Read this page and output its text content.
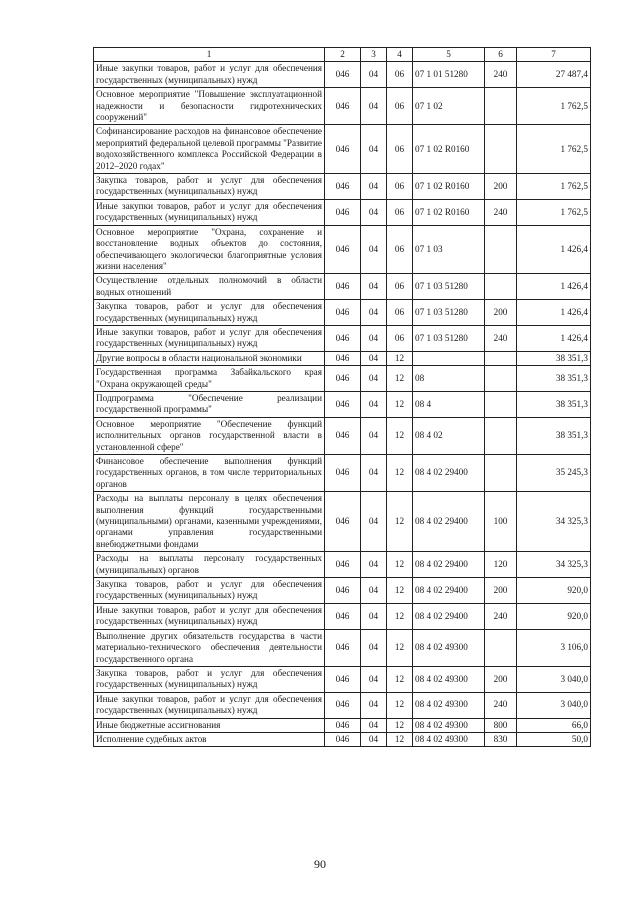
1	2	3	4	5	6	7
Иные закупки товаров, работ и услуг для обеспечения государственных (муниципальных) нужд	046	04	06	07 1 01 51280	240	27 487,4
Основное мероприятие "Повышение эксплуатационной надежности и безопасности гидротехнических сооружений"	046	04	06	07 1 02		1 762,5
Софинансирование расходов на финансовое обеспечение мероприятий федеральной целевой программы "Развитие водохозяйственного комплекса Российской Федерации в 2012–2020 годах"	046	04	06	07 1 02 R0160		1 762,5
Закупка товаров, работ и услуг для обеспечения государственных (муниципальных) нужд	046	04	06	07 1 02 R0160	200	1 762,5
Иные закупки товаров, работ и услуг для обеспечения государственных (муниципальных) нужд	046	04	06	07 1 02 R0160	240	1 762,5
Основное мероприятие "Охрана, сохранение и восстановление водных объектов до состояния, обеспечивающего экологически благоприятные условия жизни населения"	046	04	06	07 1 03		1 426,4
Осуществление отдельных полномочий в области водных отношений	046	04	06	07 1 03 51280		1 426,4
Закупка товаров, работ и услуг для обеспечения государственных (муниципальных) нужд	046	04	06	07 1 03 51280	200	1 426,4
Иные закупки товаров, работ и услуг для обеспечения государственных (муниципальных) нужд	046	04	06	07 1 03 51280	240	1 426,4
Другие вопросы в области национальной экономики	046	04	12			38 351,3
Государственная программа Забайкальского края "Охрана окружающей среды"	046	04	12	08		38 351,3
Подпрограмма "Обеспечение реализации государственной программы"	046	04	12	08 4		38 351,3
Основное мероприятие "Обеспечение функций исполнительных органов государственной власти в установленной сфере"	046	04	12	08 4 02		38 351,3
Финансовое обеспечение выполнения функций государственных органов, в том числе территориальных органов	046	04	12	08 4 02 29400		35 245,3
Расходы на выплаты персоналу в целях обеспечения выполнения функций государственными (муниципальными) органами, казенными учреждениями, органами управления государственными внебюджетными фондами	046	04	12	08 4 02 29400	100	34 325,3
Расходы на выплаты персоналу государственных (муниципальных) органов	046	04	12	08 4 02 29400	120	34 325,3
Закупка товаров, работ и услуг для обеспечения государственных (муниципальных) нужд	046	04	12	08 4 02 29400	200	920,0
Иные закупки товаров, работ и услуг для обеспечения государственных (муниципальных) нужд	046	04	12	08 4 02 29400	240	920,0
Выполнение других обязательств государства в части материально-технического обеспечения деятельности государственного органа	046	04	12	08 4 02 49300		3 106,0
Закупка товаров, работ и услуг для обеспечения государственных (муниципальных) нужд	046	04	12	08 4 02 49300	200	3 040,0
Иные закупки товаров, работ и услуг для обеспечения государственных (муниципальных) нужд	046	04	12	08 4 02 49300	240	3 040,0
Иные бюджетные ассигнования	046	04	12	08 4 02 49300	800	66,0
Исполнение судебных актов	046	04	12	08 4 02 49300	830	50,0
90
